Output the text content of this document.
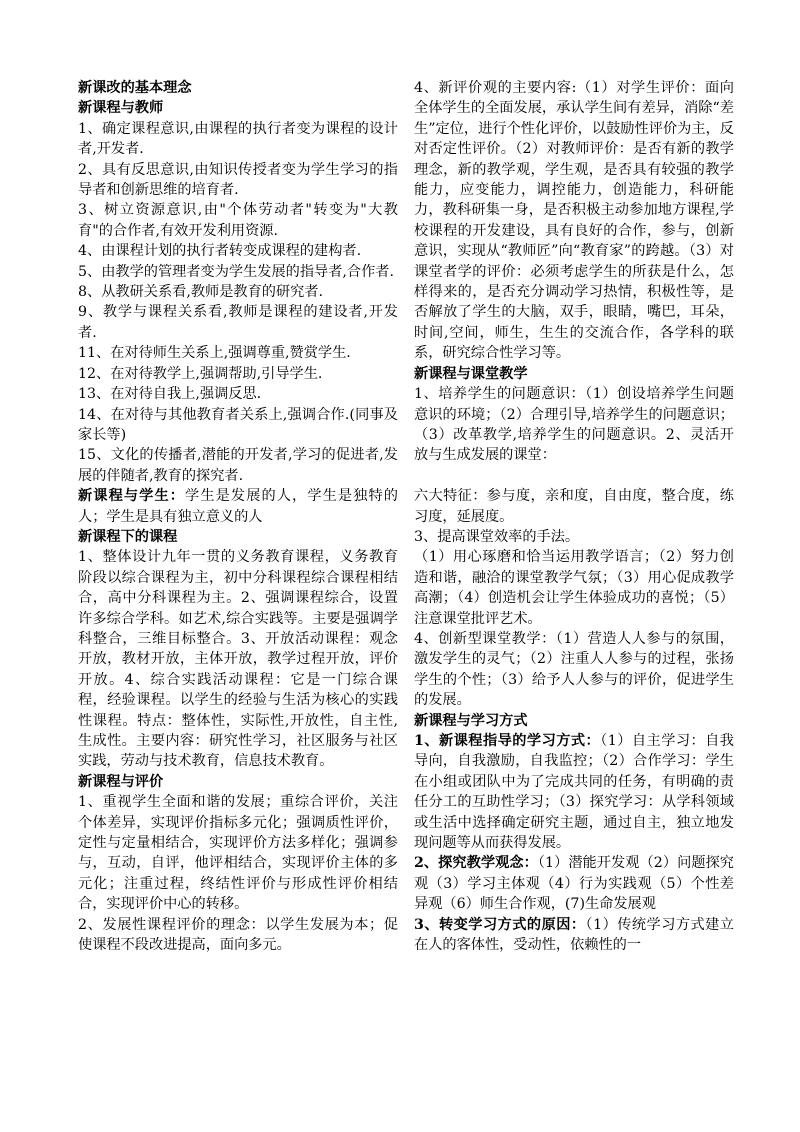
新课改的基本理念

新课程与教师

1、确定课程意识,由课程的执行者变为课程的设计者,开发者.

2、具有反思意识,由知识传授者变为学生学习的指导者和创新思维的培育者.

3、树立资源意识,由"个体劳动者"转变为"大教育"的合作者,有效开发利用资源.

4、由课程计划的执行者转变成课程的建构者.

5、由教学的管理者变为学生发展的指导者,合作者.

8、从教研关系看,教师是教育的研究者.

9、教学与课程关系看,教师是课程的建设者,开发者.

11、在对待师生关系上,强调尊重,赞赏学生.

12、在对待教学上,强调帮助,引导学生.

13、在对待自我上,强调反思.

14、在对待与其他教育者关系上,强调合作.(同事及家长等)

15、文化的传播者,潜能的开发者,学习的促进者,发展的伴随者,教育的探究者.

新课程与学生：学生是发展的人，学生是独特的人；学生是具有独立意义的人

新课程下的课程

1、整体设计九年一贯的义务教育课程，义务教育阶段以综合课程为主，初中分科课程综合课程相结合，高中分科课程为主。2、强调课程综合，设置许多综合学科。如艺术,综合实践等。主要是强调学科整合，三维目标整合。3、开放活动课程：观念开放，教材开放，主体开放，教学过程开放，评价开放。4、综合实践活动课程：它是一门综合课程，经验课程。以学生的经验与生活为核心的实践性课程。特点：整体性，实际性,开放性，自主性,生成性。主要内容：研究性学习，社区服务与社区实践，劳动与技术教育，信息技术教育。

新课程与评价

1、重视学生全面和谐的发展；重综合评价，关注个体差异，实现评价指标多元化；强调质性评价，定性与定量相结合，实现评价方法多样化；强调参与，互动，自评，他评相结合，实现评价主体的多元化；注重过程，终结性评价与形成性评价相结合，实现评价中心的转移。

2、发展性课程评价的理念：以学生发展为本；促使课程不段改进提高，面向多元。

4、新评价观的主要内容:（1）对学生评价：面向全体学生的全面发展，承认学生间有差异，消除“差生”定位，进行个性化评价，以鼓励性评价为主，反对否定性评价。（2）对教师评价：是否有新的教学理念，新的教学观，学生观，是否具有较强的教学能力，应变能力，调控能力，创造能力，科研能力，教科研集一身，是否积极主动参加地方课程,学校课程的开发建设，具有良好的合作，参与，创新意识，实现从“教师匠”向“教育家”的跨越。（3）对课堂者学的评价：必须考虑学生的所获是什么，怎样得来的，是否充分调动学习热情，积极性等，是否解放了学生的大脑，双手，眼睛，嘴巴，耳朵，时间,空间，师生，生生的交流合作，各学科的联系，研究综合性学习等。

新课程与课堂教学

1、培养学生的问题意识：（1）创设培养学生问题意识的环境；（2）合理引导,培养学生的问题意识；（3）改革教学,培养学生的问题意识。2、灵活开放与生成发展的课堂：

六大特征：参与度，亲和度，自由度，整合度，练习度，延展度。

3、提高课堂效率的手法。

（1）用心琢磨和恰当运用教学语言；（2）努力创造和谐，融洽的课堂教学气氛；（3）用心促成教学高潮；（4）创造机会让学生体验成功的喜悦；（5）注意课堂批评艺术。

4、创新型课堂教学：（1）营造人人参与的氛围，激发学生的灵气；（2）注重人人参与的过程，张扬学生的个性；（3）给予人人参与的评价，促进学生的发展。

新课程与学习方式

1、新课程指导的学习方式：（1）自主学习：自我导向，自我激励，自我监控；（2）合作学习：学生在小组或团队中为了完成共同的任务，有明确的责任分工的互助性学习；（3）探究学习：从学科领域或生活中选择确定研究主题，通过自主，独立地发现问题等从而获得发展。

2、探究教学观念：（1）潜能开发观（2）问题探究观（3）学习主体观（4）行为实践观（5）个性差异观（6）师生合作观，(7)生命发展观

3、转变学习方式的原因：（1）传统学习方式建立在人的客体性，受动性，依赖性的一
